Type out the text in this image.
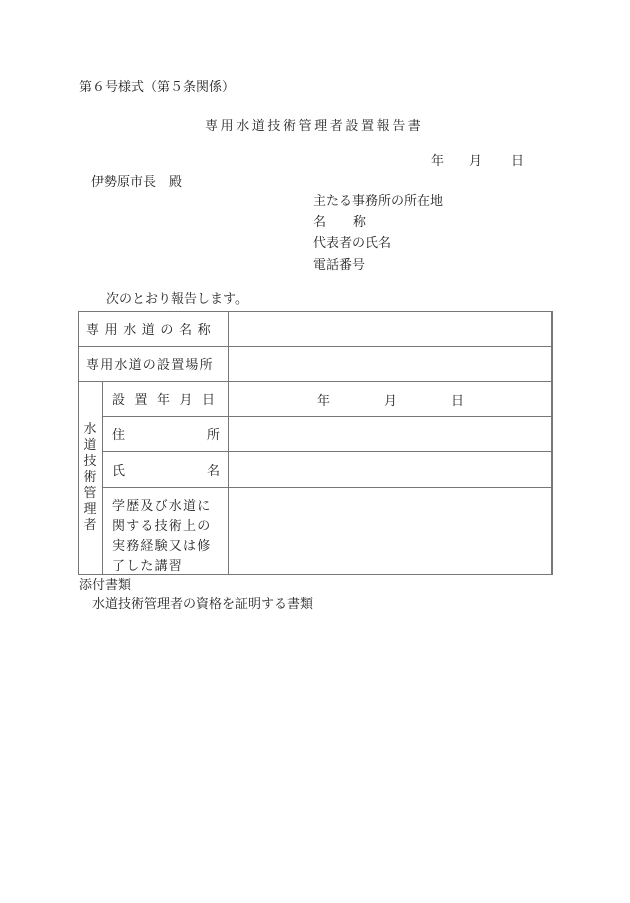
第６号様式（第５条関係）
専用水道技術管理者設置報告書
年 月 日
伊勢原市長　殿
主たる事務所の所在地
名 称
代表者の氏名
電話番号
次のとおり報告します。
専用水道の名称
専用水道の設置場所
水
道
技
術
管
理
者
設置年月日	年	月	日
住	所
氏	名
学歴及び水道に関する技術上の実務経験又は修了した講習
添付書類
水道技術管理者の資格を証明する書類
